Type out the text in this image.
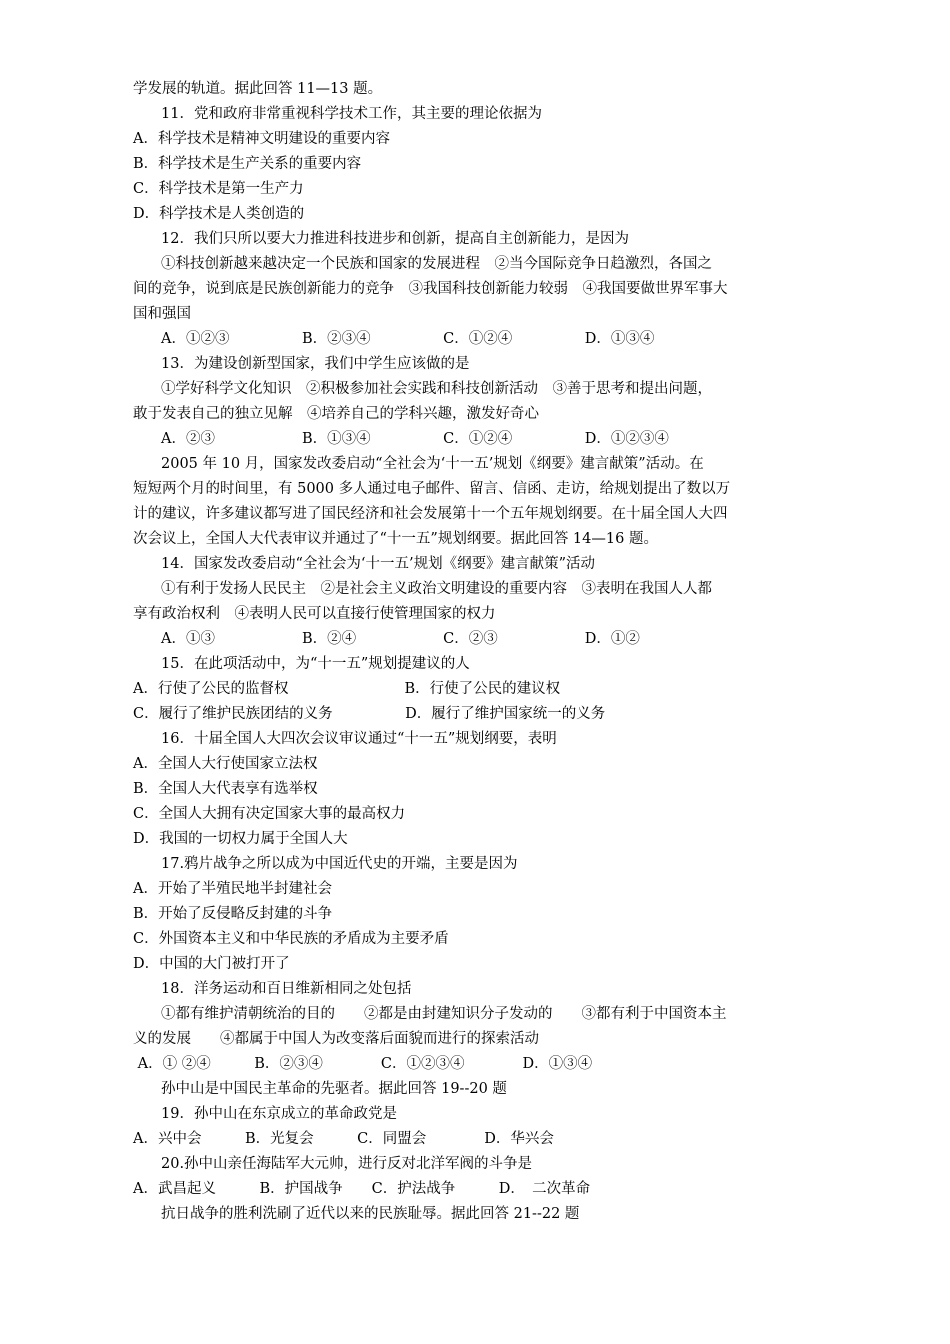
学发展的轨道。据此回答 11—13 题。
11．党和政府非常重视科学技术工作，其主要的理论依据为
A．科学技术是精神文明建设的重要内容
B．科学技术是生产关系的重要内容
C．科学技术是第一生产力
D．科学技术是人类创造的
12．我们只所以要大力推进科技进步和创新，提高自主创新能力，是因为
①科技创新越来越决定一个民族和国家的发展进程　②当今国际竞争日趋激烈，各国之
间的竞争，说到底是民族创新能力的竞争　③我国科技创新能力较弱　④我国要做世界军事大
国和强国
A．①②③　　　　　B．②③④　　　　　C．①②④　　　　　D．①③④
13．为建设创新型国家，我们中学生应该做的是
①学好科学文化知识　②积极参加社会实践和科技创新活动　③善于思考和提出问题，
敢于发表自己的独立见解　④培养自己的学科兴趣，激发好奇心
A．②③　　　　　　B．①③④　　　　　C．①②④　　　　　D．①②③④
2005 年 10 月，国家发改委启动“全社会为‘十一五’规划《纲要》建言献策”活动。在
短短两个月的时间里，有 5000 多人通过电子邮件、留言、信函、走访，给规划提出了数以万
计的建议，许多建议都写进了国民经济和社会发展第十一个五年规划纲要。在十届全国人大四
次会议上，全国人大代表审议并通过了“十一五”规划纲要。据此回答 14—16 题。
14．国家发改委启动“全社会为‘十一五’规划《纲要》建言献策”活动
①有利于发扬人民民主　②是社会主义政治文明建设的重要内容　③表明在我国人人都
享有政治权利　④表明人民可以直接行使管理国家的权力
A．①③　　　　　　B．②④　　　　　　C．②③　　　　　　D．①②
15．在此项活动中，为“十一五”规划提建议的人
A．行使了公民的监督权　　　　　　　　B．行使了公民的建议权
C．履行了维护民族团结的义务　　　　　D．履行了维护国家统一的义务
16．十届全国人大四次会议审议通过“十一五”规划纲要，表明
A．全国人大行使国家立法权
B．全国人大代表享有选举权
C．全国人大拥有决定国家大事的最高权力
D．我国的一切权力属于全国人大
17.鸦片战争之所以成为中国近代史的开端，主要是因为
A．开始了半殖民地半封建社会
B．开始了反侵略反封建的斗争
C．外国资本主义和中华民族的矛盾成为主要矛盾
D．中国的大门被打开了
18．洋务运动和百日维新相同之处包括
①都有维护清朝统治的目的　　②都是由封建知识分子发动的　　③都有利于中国资本主
义的发展　　④都属于中国人为改变落后面貌而进行的探索活动
A．① ②④　　　B．②③④　　　　C．①②③④　　　　D．①③④
孙中山是中国民主革命的先驱者。据此回答 19--20 题
19．孙中山在东京成立的革命政党是
A．兴中会　　　B．光复会　　　C．同盟会　　　　D．华兴会
20.孙中山亲任海陆军大元帅，进行反对北洋军阀的斗争是
A．武昌起义　　　B．护国战争　　C．护法战争　　　D．　二次革命
抗日战争的胜利洗刷了近代以来的民族耻辱。据此回答 21--22 题
